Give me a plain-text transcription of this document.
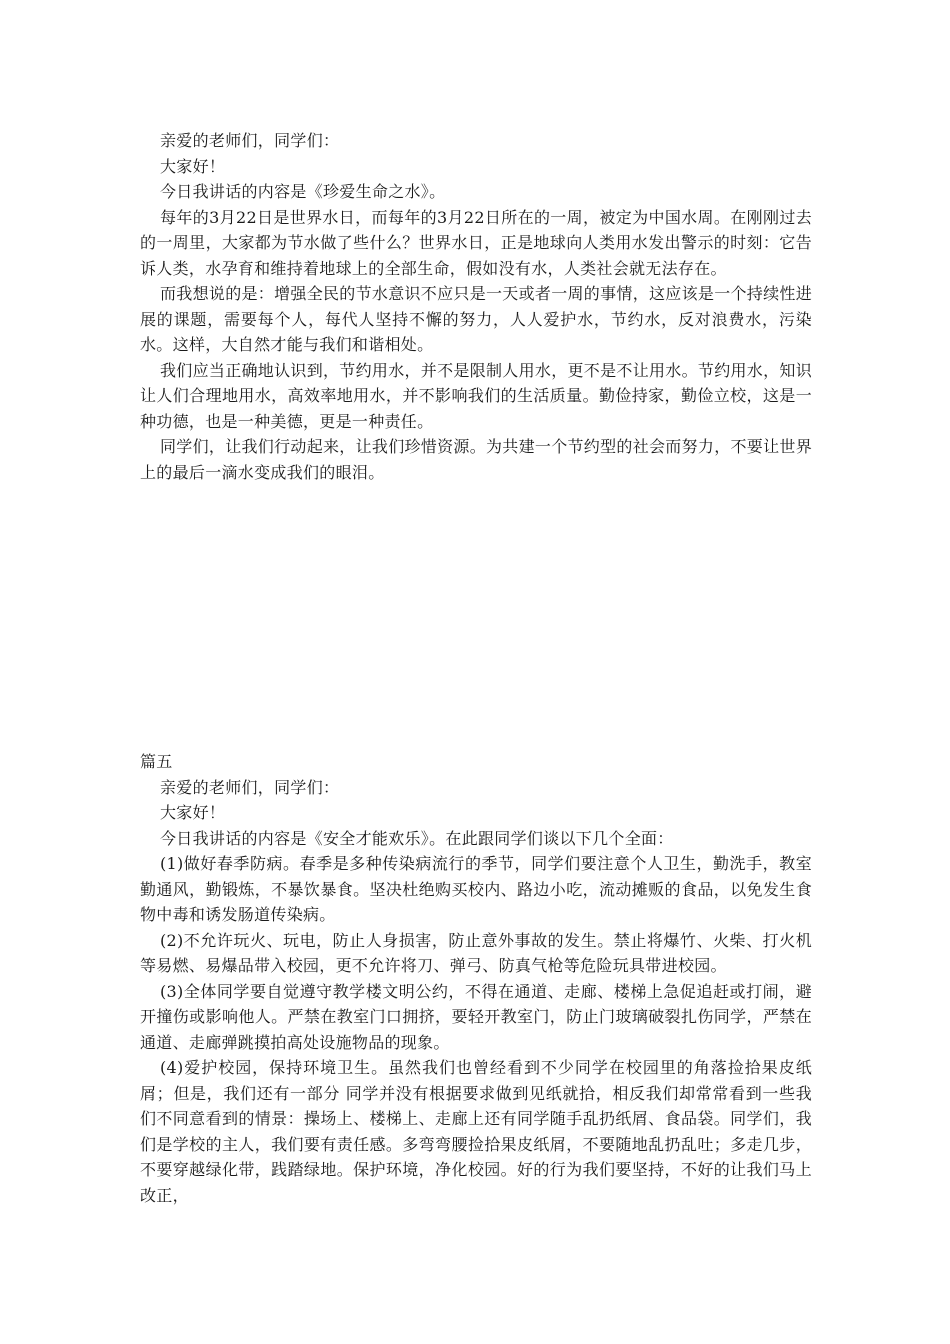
亲爱的老师们，同学们：

大家好！

今日我讲话的内容是《珍爱生命之水》。

每年的3月22日是世界水日，而每年的3月22日所在的一周，被定为中国水周。在刚刚过去的一周里，大家都为节水做了些什么？世界水日，正是地球向人类用水发出警示的时刻：它告诉人类，水孕育和维持着地球上的全部生命，假如没有水，人类社会就无法存在。

而我想说的是：增强全民的节水意识不应只是一天或者一周的事情，这应该是一个持续性进展的课题，需要每个人，每代人坚持不懈的努力，人人爱护水，节约水，反对浪费水，污染水。这样，大自然才能与我们和谐相处。

我们应当正确地认识到，节约用水，并不是限制人用水，更不是不让用水。节约用水，知识让人们合理地用水，高效率地用水，并不影响我们的生活质量。勤俭持家，勤俭立校，这是一种功德，也是一种美德，更是一种责任。

同学们，让我们行动起来，让我们珍惜资源。为共建一个节约型的社会而努力，不要让世界上的最后一滴水变成我们的眼泪。

篇五

亲爱的老师们，同学们：

大家好！

今日我讲话的内容是《安全才能欢乐》。在此跟同学们谈以下几个全面：

(1)做好春季防病。春季是多种传染病流行的季节，同学们要注意个人卫生，勤洗手，教室勤通风，勤锻炼，不暴饮暴食。坚决杜绝购买校内、路边小吃，流动摊贩的食品，以免发生食物中毒和诱发肠道传染病。

(2)不允许玩火、玩电，防止人身损害，防止意外事故的发生。禁止将爆竹、火柴、打火机等易燃、易爆品带入校园，更不允许将刀、弹弓、防真气枪等危险玩具带进校园。

(3)全体同学要自觉遵守教学楼文明公约，不得在通道、走廊、楼梯上急促追赶或打闹，避开撞伤或影响他人。严禁在教室门口拥挤，要轻开教室门，防止门玻璃破裂扎伤同学，严禁在通道、走廊弹跳摸拍高处设施物品的现象。

(4)爱护校园，保持环境卫生。虽然我们也曾经看到不少同学在校园里的角落捡拾果皮纸屑；但是，我们还有一部分 同学并没有根据要求做到见纸就拾，相反我们却常常看到一些我们不同意看到的情景：操场上、楼梯上、走廊上还有同学随手乱扔纸屑、食品袋。同学们，我们是学校的主人，我们要有责任感。多弯弯腰捡拾果皮纸屑，不要随地乱扔乱吐；多走几步，不要穿越绿化带，践踏绿地。保护环境，净化校园。好的行为我们要坚持，不好的让我们马上改正，
